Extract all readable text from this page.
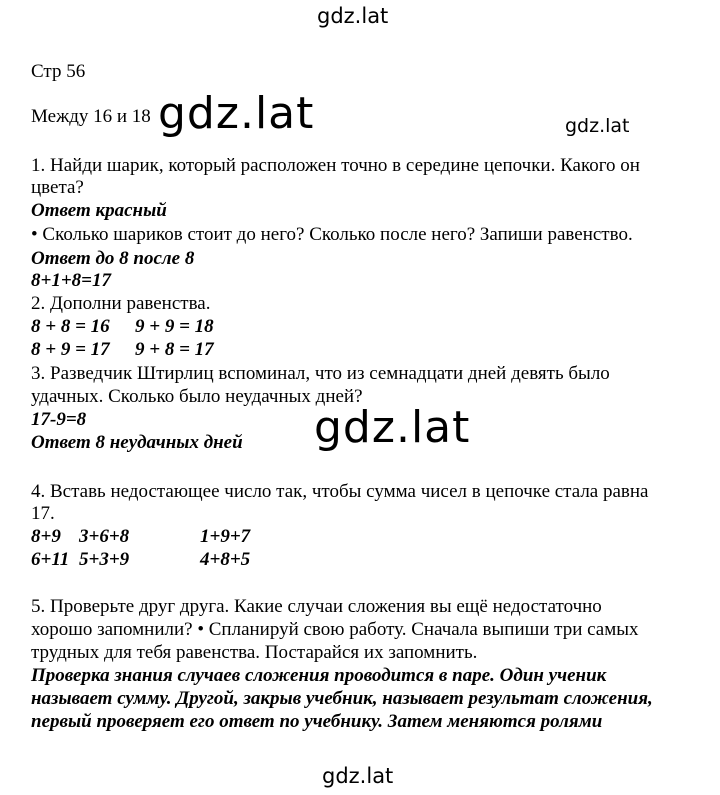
Стр 56
Между 16 и 18
1. Найди шарик, который расположен точно в середине цепочки. Какого он
цвета?
Ответ красный
• Сколько шариков стоит до него? Сколько после него? Запиши равенство.
Ответ до 8 после 8
8+1+8=17
2. Дополни равенства.
8 + 8 = 16 9 + 9 = 18
8 + 9 = 17 9 + 8 = 17
3. Разведчик Штирлиц вспоминал, что из семнадцати дней девять было
удачных. Сколько было неудачных дней?
17-9=8
Ответ 8 неудачных дней
4. Вставь недостающее число так, чтобы сумма чисел в цепочке стала равна
17.
8+9 3+6+8	1+9+7
6+11 5+3+9	4+8+5
5. Проверьте друг друга. Какие случаи сложения вы ещё недостаточно
хорошо запомнили? • Спланируй свою работу. Сначала выпиши три самых
трудных для тебя равенства. Постарайся их запомнить.
Проверка знания случаев сложения проводится в паре. Один ученик
называет сумму. Другой, закрыв учебник, называет результат сложения,
первый проверяет его ответ по учебнику. Затем меняются ролями
gdz.lat
gdz.lat	gdz.lat
gdz.lat
gdz.lat
